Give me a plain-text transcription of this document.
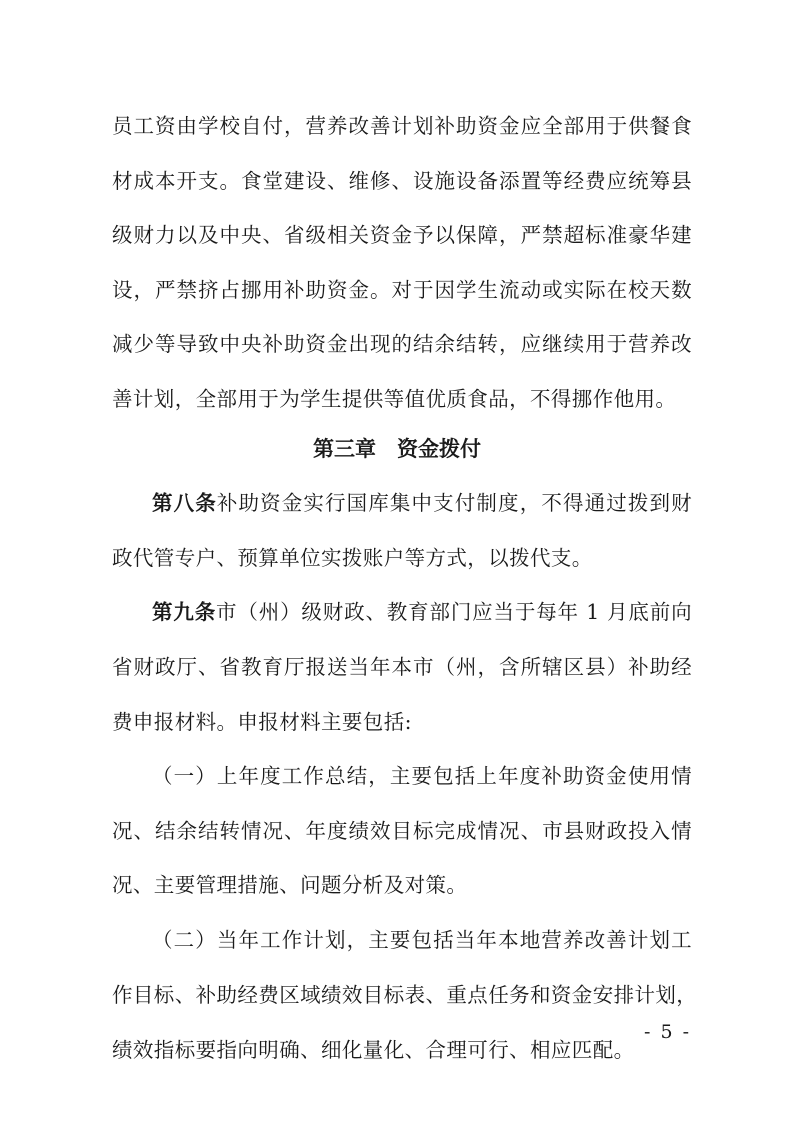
员工资由学校自付，营养改善计划补助资金应全部用于供餐食
材成本开支。食堂建设、维修、设施设备添置等经费应统筹县
级财力以及中央、省级相关资金予以保障，严禁超标准豪华建
设，严禁挤占挪用补助资金。对于因学生流动或实际在校天数
减少等导致中央补助资金出现的结余结转，应继续用于营养改
第三章　资金拨付
第八条补助资金实行国库集中支付制度，不得通过拨到财
政代管专户、预算单位实拨账户等方式，以拨代支。
第九条市（州）级财政、教育部门应当于每年 1 月底前向
省财政厅、省教育厅报送当年本市（州，含所辖区县）补助经
费申报材料。申报材料主要包括:
（一）上年度工作总结，主要包括上年度补助资金使用情
况、结余结转情况、年度绩效目标完成情况、市县财政投入情
况、主要管理措施、问题分析及对策。
（二）当年工作计划，主要包括当年本地营养改善计划工
作目标、补助经费区域绩效目标表、重点任务和资金安排计划，
绩效指标要指向明确、细化量化、合理可行、相应匹配。
- 5 -
善计划，全部用于为学生提供等值优质食品，不得挪作他用。
